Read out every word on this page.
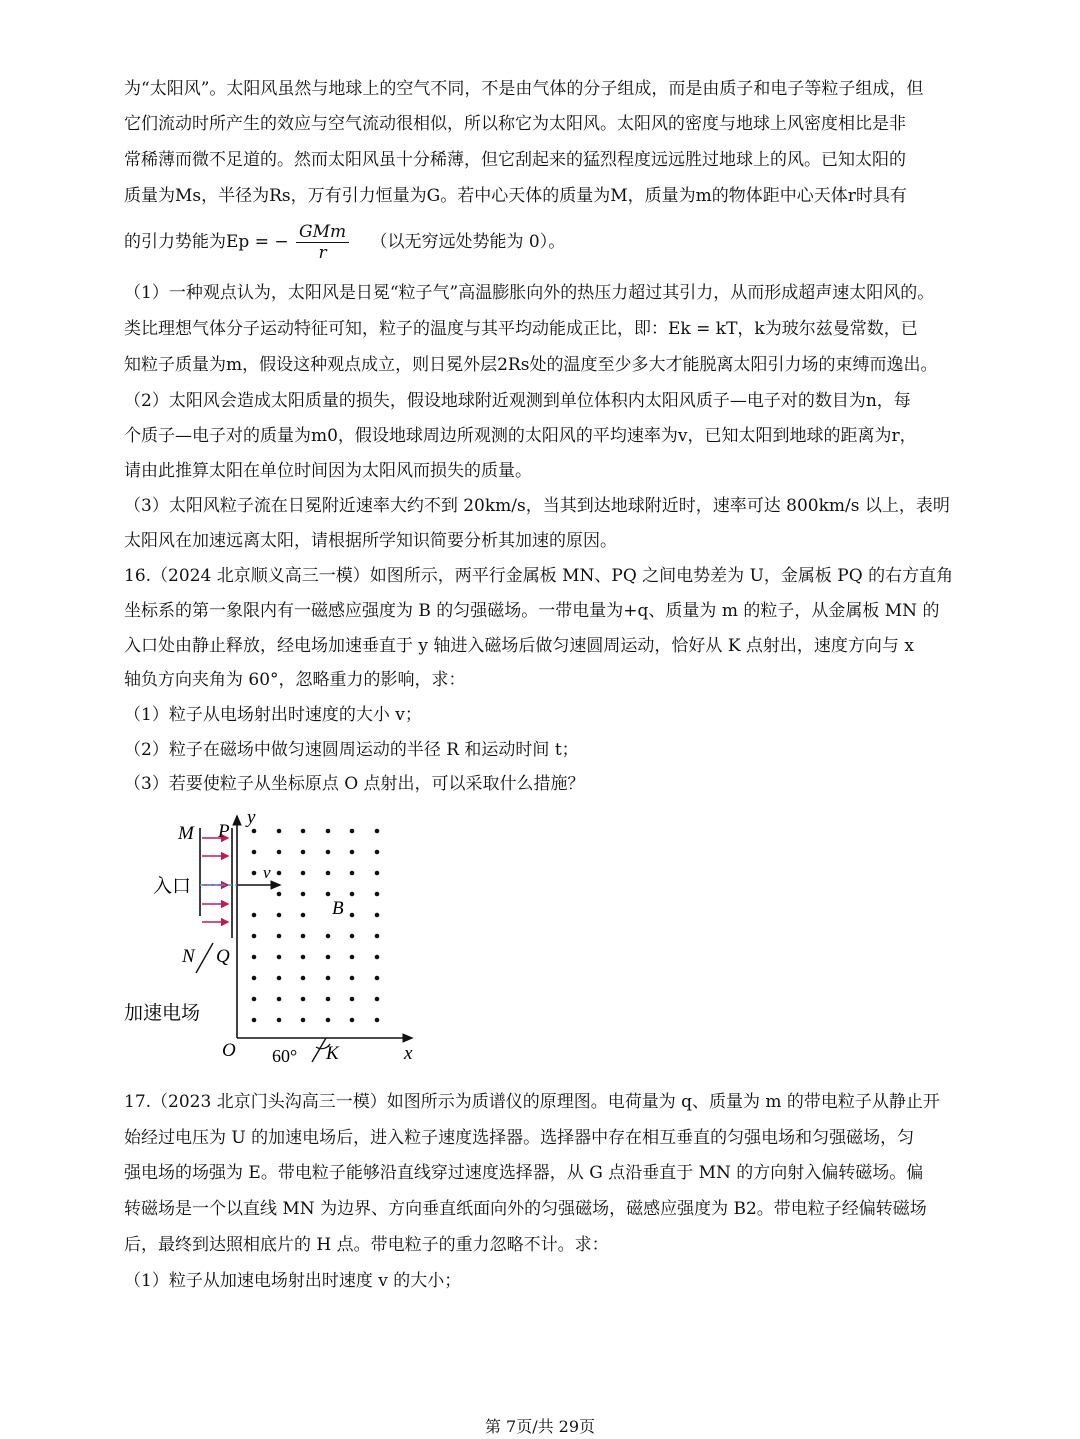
为“太阳风”。太阳风虽然与地球上的空气不同，不是由气体的分子组成，而是由质子和电子等粒子组成，但
它们流动时所产生的效应与空气流动很相似，所以称它为太阳风。太阳风的密度与地球上风密度相比是非
常稀薄而微不足道的。然而太阳风虽十分稀薄，但它刮起来的猛烈程度远远胜过地球上的风。已知太阳的
质量为Ms，半径为Rs，万有引力恒量为G。若中心天体的质量为M，质量为m的物体距中心天体r时具有
的引力势能为Ep = − $\frac{\text{GMm}}{r}$ （以无穷远处势能为 0）。
（1）一种观点认为，太阳风是日冕“粒子气”高温膨胀向外的热压力超过其引力，从而形成超声速太阳风的。
类比理想气体分子运动特征可知，粒子的温度与其平均动能成正比，即：Ek = kT，k为玻尔兹曼常数，已
知粒子质量为m，假设这种观点成立，则日冕外层2Rs处的温度至少多大才能脱离太阳引力场的束缚而逸出。
（2）太阳风会造成太阳质量的损失，假设地球附近观测到单位体积内太阳风质子—电子对的数目为n，每
个质子—电子对的质量为m0，假设地球周边所观测的太阳风的平均速率为v，已知太阳到地球的距离为r，
请由此推算太阳在单位时间因为太阳风而损失的质量。
（3）太阳风粒子流在日冕附近速率大约不到 20km/s，当其到达地球附近时，速率可达 800km/s 以上，表明
太阳风在加速远离太阳，请根据所学知识简要分析其加速的原因。
16.（2024 北京顺义高三一模）如图所示，两平行金属板 MN、PQ 之间电势差为 U，金属板 PQ 的右方直角
坐标系的第一象限内有一磁感应强度为 B 的匀强磁场。一带电量为+q、质量为 m 的粒子，从金属板 MN 的
入口处由静止释放，经电场加速垂直于 y 轴进入磁场后做匀速圆周运动，恰好从 K 点射出，速度方向与 x
轴负方向夹角为 60°，忽略重力的影响，求：
（1）粒子从电场射出时速度的大小 v；
（2）粒子在磁场中做匀速圆周运动的半径 R 和运动时间 t；
（3）若要使粒子从坐标原点 O 点射出，可以采取什么措施？
M P
y
v
入口
B
N Q
加速电场
O 60° K	x
17.（2023 北京门头沟高三一模）如图所示为质谱仪的原理图。电荷量为 q、质量为 m 的带电粒子从静止开
始经过电压为 U 的加速电场后，进入粒子速度选择器。选择器中存在相互垂直的匀强电场和匀强磁场，匀
强电场的场强为 E。带电粒子能够沿直线穿过速度选择器，从 G 点沿垂直于 MN 的方向射入偏转磁场。偏
转磁场是一个以直线 MN 为边界、方向垂直纸面向外的匀强磁场，磁感应强度为 B2。带电粒子经偏转磁场
后，最终到达照相底片的 H 点。带电粒子的重力忽略不计。求：
（1）粒子从加速电场射出时速度 v 的大小；
第 7页/共 29页
